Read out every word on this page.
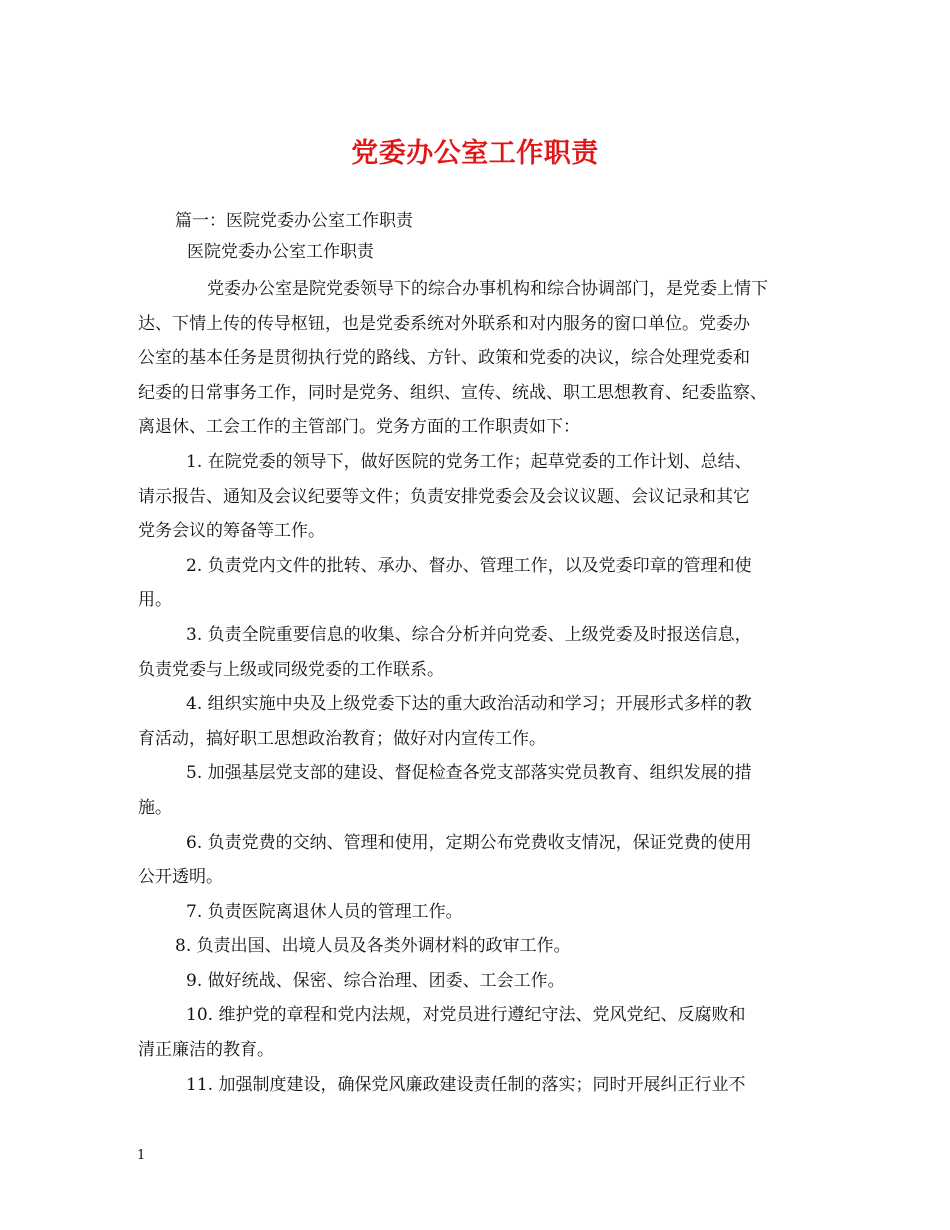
党委办公室工作职责
篇一：医院党委办公室工作职责
医院党委办公室工作职责
　党委办公室是院党委领导下的综合办事机构和综合协调部门，是党委上情下
达、下情上传的传导枢钮，也是党委系统对外联系和对内服务的窗口单位。党委办
公室的基本任务是贯彻执行党的路线、方针、政策和党委的决议，综合处理党委和
纪委的日常事务工作，同时是党务、组织、宣传、统战、职工思想教育、纪委监察、
离退休、工会工作的主管部门。党务方面的工作职责如下：
1. 在院党委的领导下，做好医院的党务工作；起草党委的工作计划、总结、
请示报告、通知及会议纪要等文件；负责安排党委会及会议议题、会议记录和其它
党务会议的筹备等工作。
2. 负责党内文件的批转、承办、督办、管理工作，以及党委印章的管理和使
用。
3. 负责全院重要信息的收集、综合分析并向党委、上级党委及时报送信息，
负责党委与上级或同级党委的工作联系。
4. 组织实施中央及上级党委下达的重大政治活动和学习；开展形式多样的教
育活动，搞好职工思想政治教育；做好对内宣传工作。
5. 加强基层党支部的建设、督促检查各党支部落实党员教育、组织发展的措
施。
6. 负责党费的交纳、管理和使用，定期公布党费收支情况，保证党费的使用
公开透明。
7. 负责医院离退休人员的管理工作。
8. 负责出国、出境人员及各类外调材料的政审工作。
9. 做好统战、保密、综合治理、团委、工会工作。
10. 维护党的章程和党内法规，对党员进行遵纪守法、党风党纪、反腐败和
清正廉洁的教育。
11. 加强制度建设，确保党风廉政建设责任制的落实；同时开展纠正行业不
1
